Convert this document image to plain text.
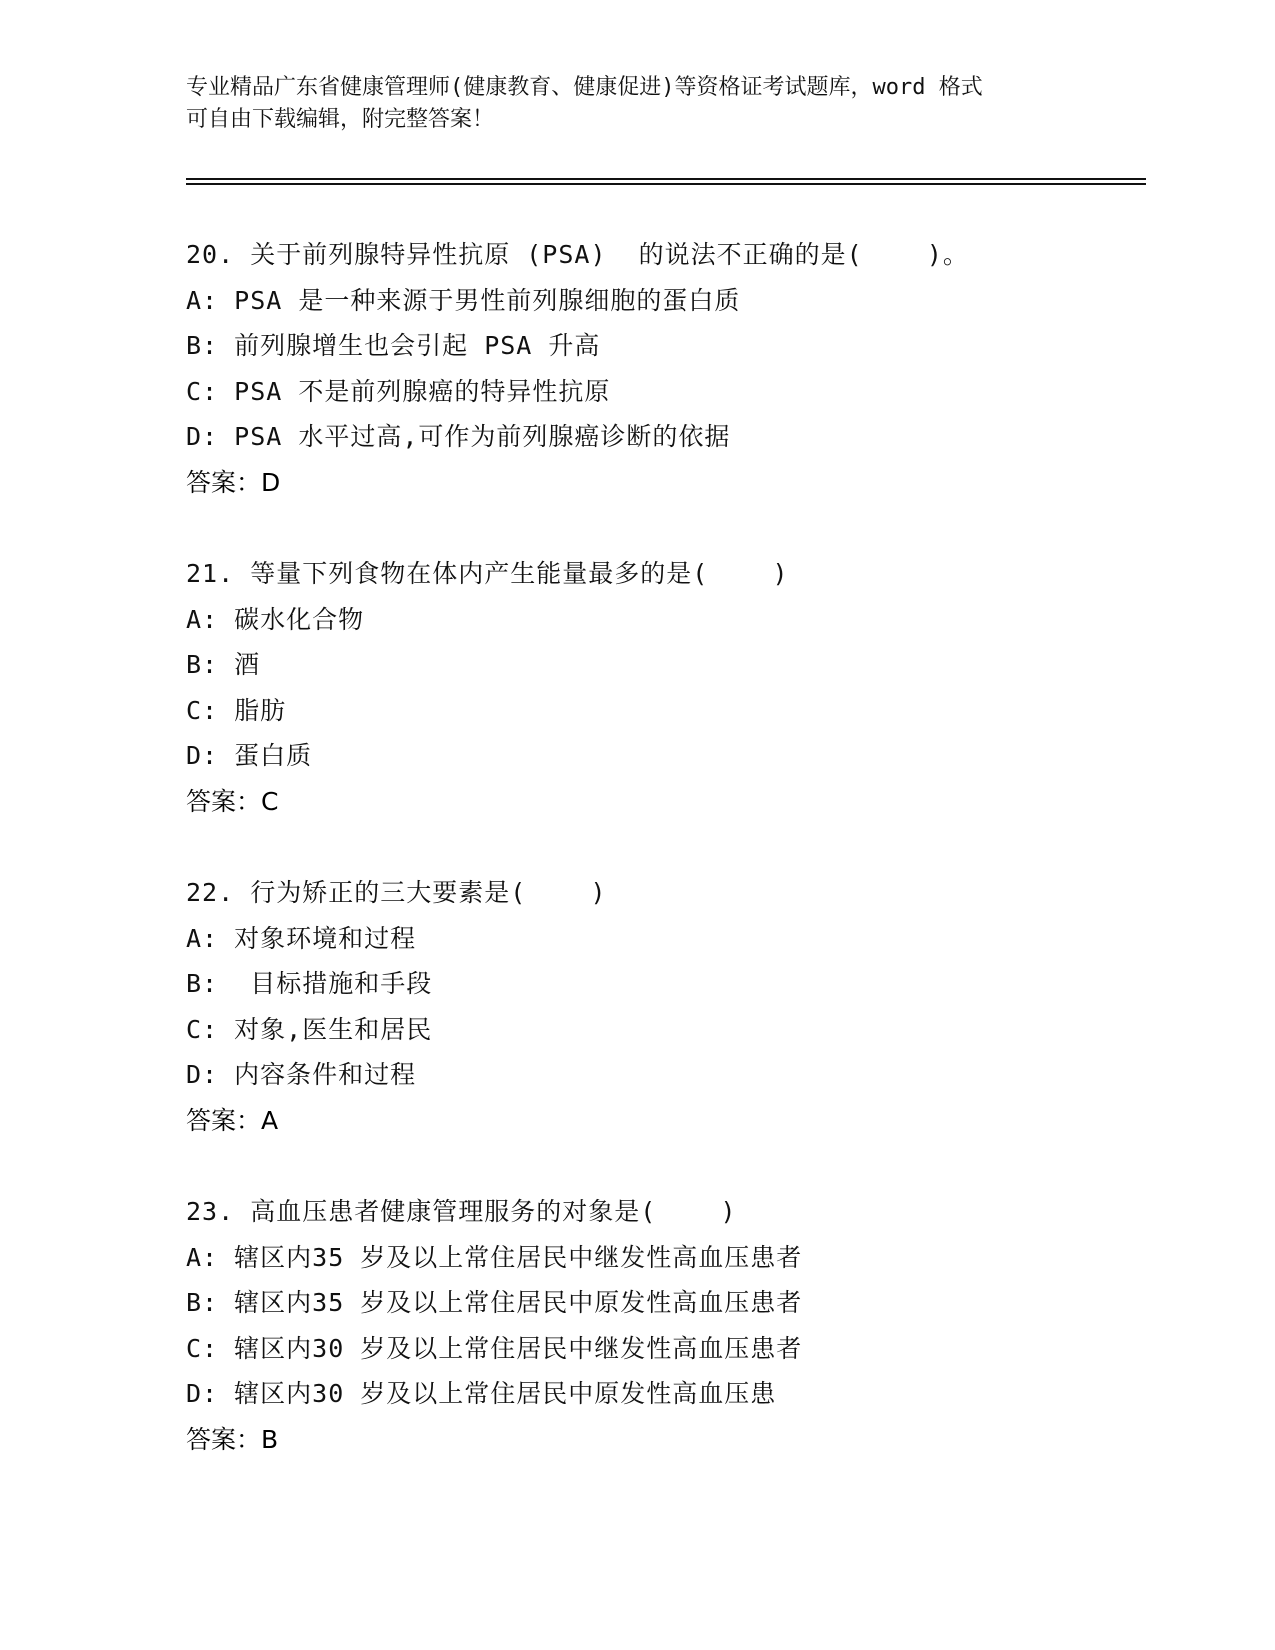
专业精品广东省健康管理师(健康教育、健康促进)等资格证考试题库，word 格式
可自由下载编辑，附完整答案！
20. 关于前列腺特异性抗原 (PSA)  的说法不正确的是(    )。
A: PSA 是一种来源于男性前列腺细胞的蛋白质
B: 前列腺增生也会引起 PSA 升高
C: PSA 不是前列腺癌的特异性抗原
D: PSA 水平过高,可作为前列腺癌诊断的依据
答案：D
21. 等量下列食物在体内产生能量最多的是(    )
A: 碳水化合物
B: 酒
C: 脂肪
D: 蛋白质
答案：C
22. 行为矫正的三大要素是(    )
A: 对象环境和过程
B:  目标措施和手段
C: 对象,医生和居民
D: 内容条件和过程
答案：A
23. 高血压患者健康管理服务的对象是(    )
A: 辖区内35 岁及以上常住居民中继发性高血压患者
B: 辖区内35 岁及以上常住居民中原发性高血压患者
C: 辖区内30 岁及以上常住居民中继发性高血压患者
D: 辖区内30 岁及以上常住居民中原发性高血压患
答案：B
